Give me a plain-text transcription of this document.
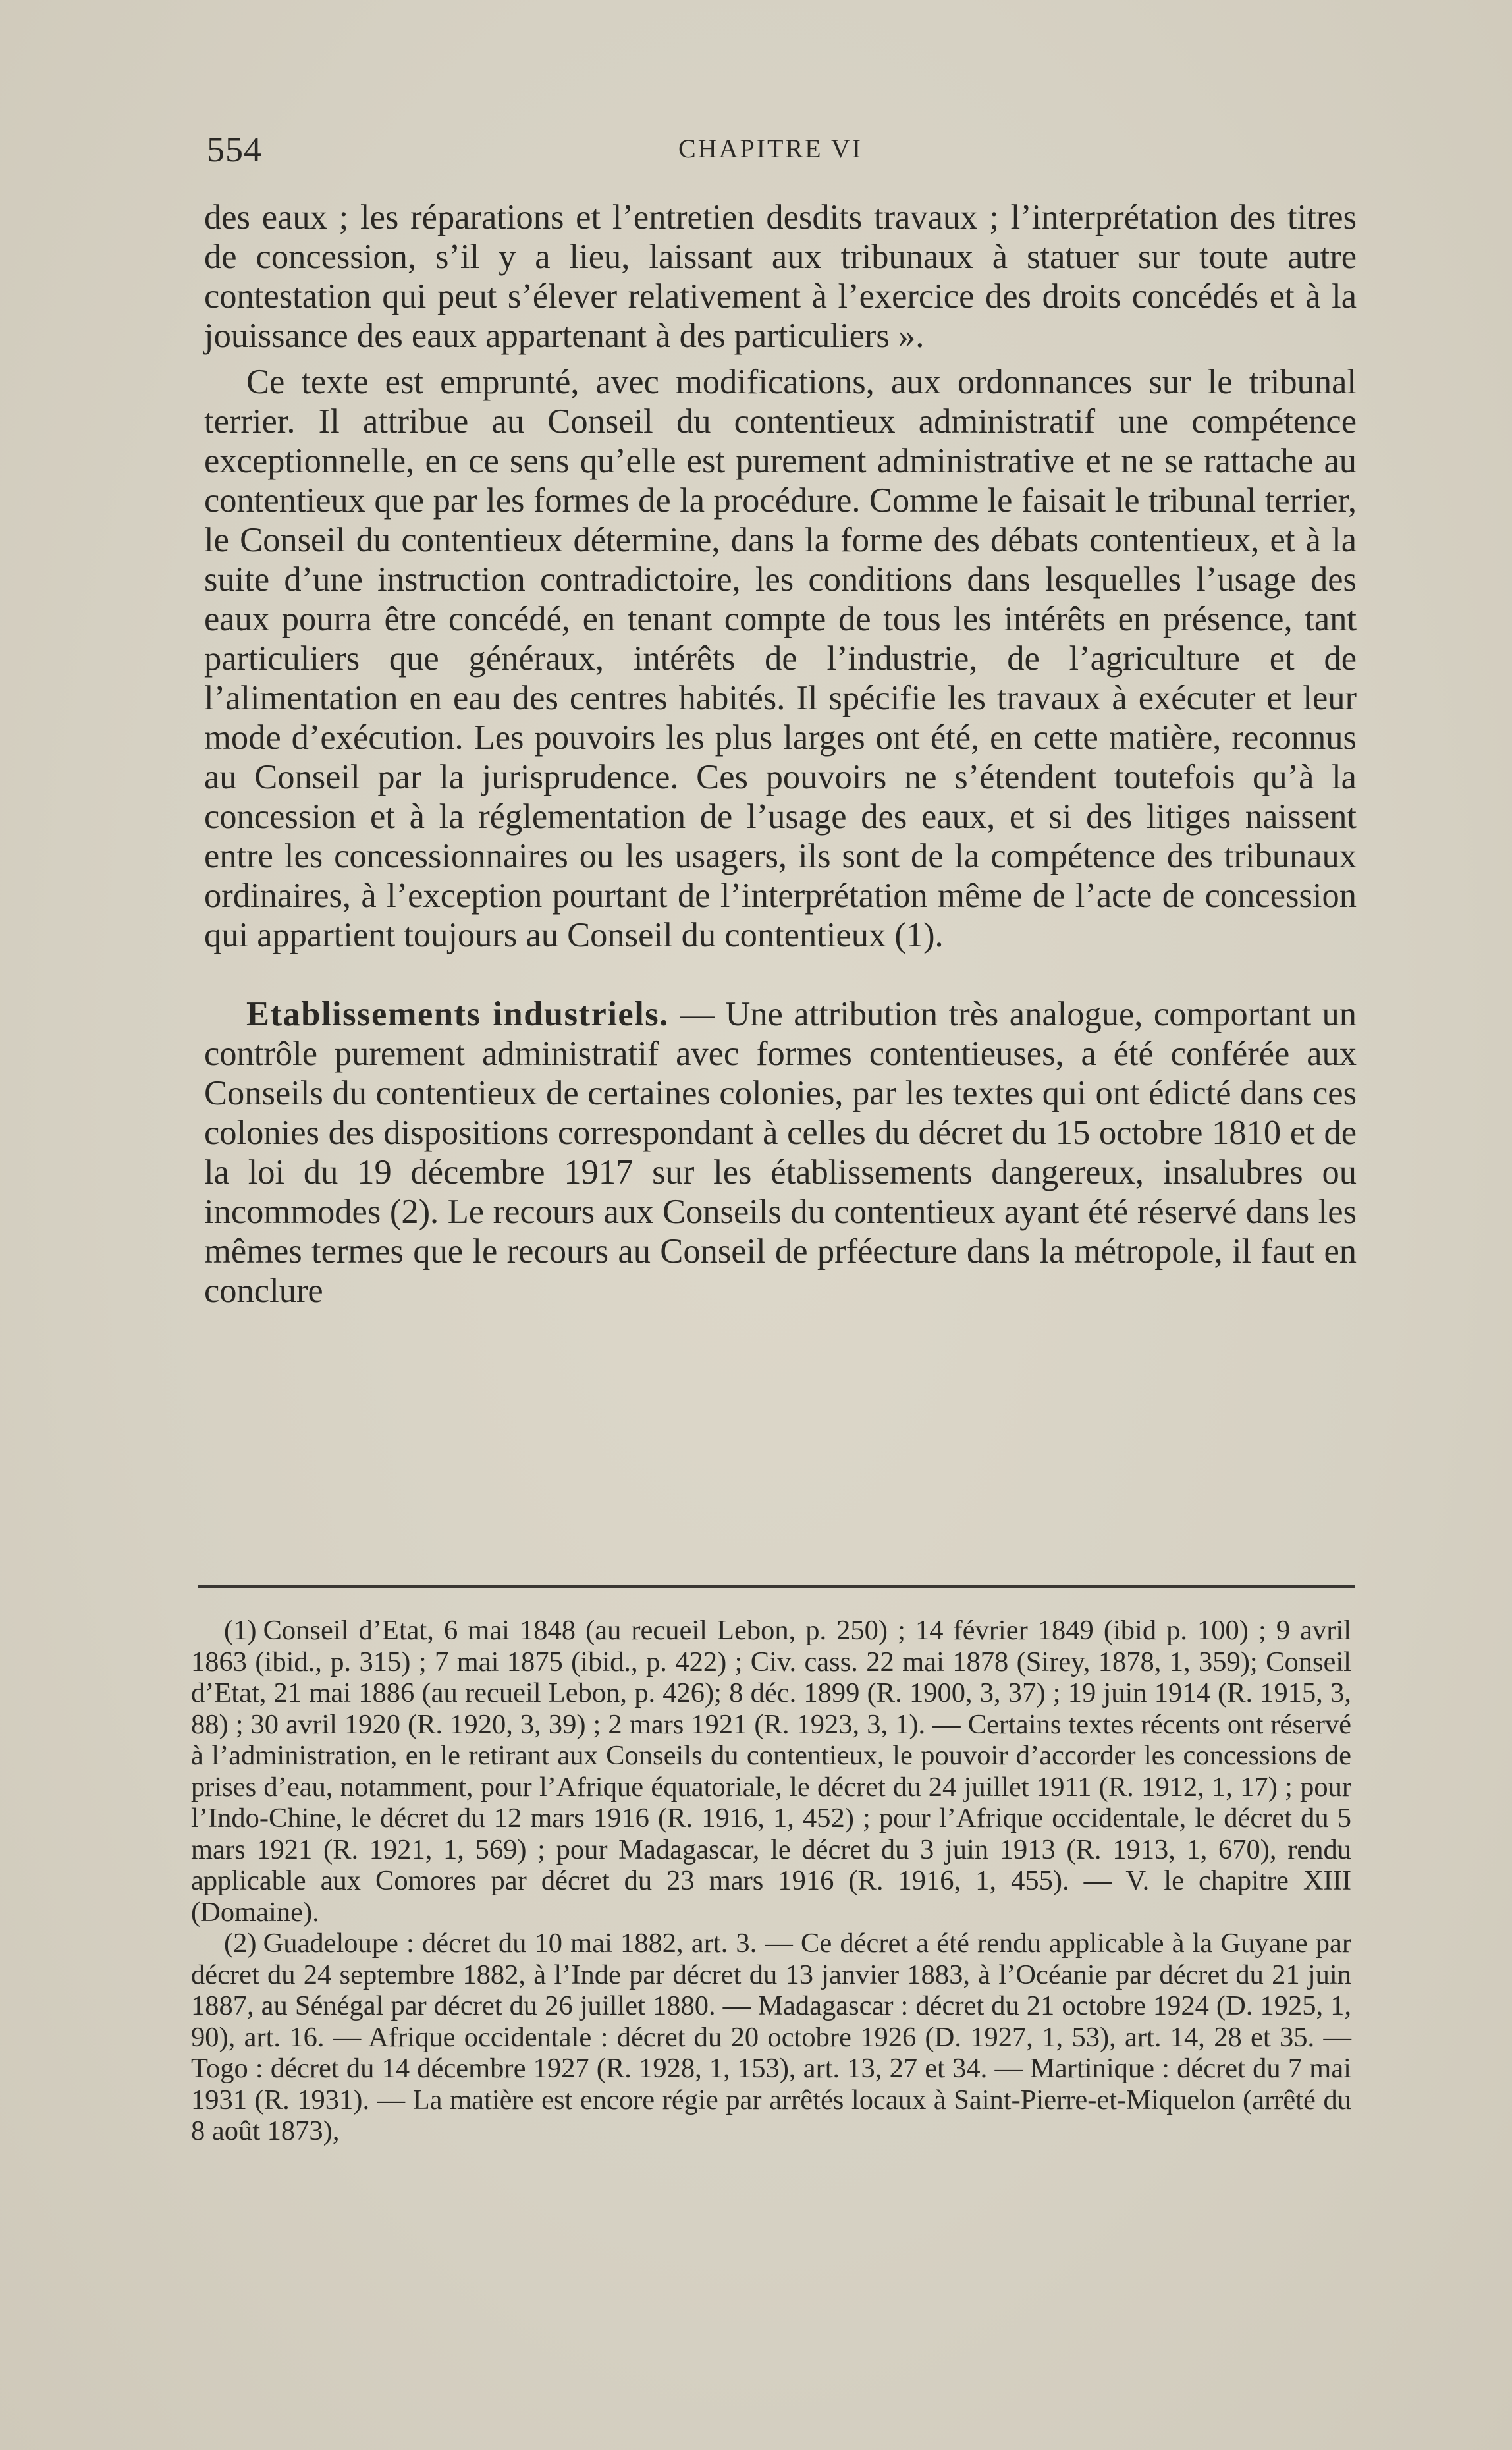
554	CHAPITRE VI

des eaux ; les réparations et l’entretien desdits travaux ; l’interprétation des titres de concession, s’il y a lieu, laissant aux tribunaux à statuer sur toute autre contestation qui peut s’élever relativement à l’exercice des droits concédés et à la jouissance des eaux appartenant à des particuliers ».

Ce texte est emprunté, avec modifications, aux ordonnances sur le tribunal terrier. Il attribue au Conseil du contentieux administratif une compétence exceptionnelle, en ce sens qu’elle est purement administrative et ne se rattache au contentieux que par les formes de la procédure. Comme le faisait le tribunal terrier, le Conseil du contentieux détermine, dans la forme des débats contentieux, et à la suite d’une instruction contradictoire, les conditions dans lesquelles l’usage des eaux pourra être concédé, en tenant compte de tous les intérêts en présence, tant particuliers que généraux, intérêts de l’industrie, de l’agriculture et de l’alimentation en eau des centres habités. Il spécifie les travaux à exécuter et leur mode d’exécution. Les pouvoirs les plus larges ont été, en cette matière, reconnus au Conseil par la jurisprudence. Ces pouvoirs ne s’étendent toutefois qu’à la concession et à la réglementation de l’usage des eaux, et si des litiges naissent entre les concessionnaires ou les usagers, ils sont de la compétence des tribunaux ordinaires, à l’exception pourtant de l’interprétation même de l’acte de concession qui appartient toujours au Conseil du contentieux (1).

Etablissements industriels. — Une attribution très analogue, comportant un contrôle purement administratif avec formes contentieuses, a été conférée aux Conseils du contentieux de certaines colonies, par les textes qui ont édicté dans ces colonies des dispositions correspondant à celles du décret du 15 octobre 1810 et de la loi du 19 décembre 1917 sur les établissements dangereux, insalubres ou incommodes (2). Le recours aux Conseils du contentieux ayant été réservé dans les mêmes termes que le recours au Conseil de prféecture dans la métropole, il faut en conclure

(1) Conseil d’Etat, 6 mai 1848 (au recueil Lebon, p. 250) ; 14 février 1849 (ibid p. 100) ; 9 avril 1863 (ibid., p. 315) ; 7 mai 1875 (ibid., p. 422) ; Civ. cass. 22 mai 1878 (Sirey, 1878, 1, 359); Conseil d’Etat, 21 mai 1886 (au recueil Lebon, p. 426); 8 déc. 1899 (R. 1900, 3, 37) ; 19 juin 1914 (R. 1915, 3, 88) ; 30 avril 1920 (R. 1920, 3, 39) ; 2 mars 1921 (R. 1923, 3, 1). — Certains textes récents ont réservé à l’administration, en le retirant aux Conseils du contentieux, le pouvoir d’accorder les concessions de prises d’eau, notamment, pour l’Afrique équatoriale, le décret du 24 juillet 1911 (R. 1912, 1, 17) ; pour l’Indo-Chine, le décret du 12 mars 1916 (R. 1916, 1, 452) ; pour l’Afrique occidentale, le décret du 5 mars 1921 (R. 1921, 1, 569) ; pour Madagascar, le décret du 3 juin 1913 (R. 1913, 1, 670), rendu applicable aux Comores par décret du 23 mars 1916 (R. 1916, 1, 455). — V. le chapitre XIII (Domaine).

(2) Guadeloupe : décret du 10 mai 1882, art. 3. — Ce décret a été rendu applicable à la Guyane par décret du 24 septembre 1882, à l’Inde par décret du 13 janvier 1883, à l’Océanie par décret du 21 juin 1887, au Sénégal par décret du 26 juillet 1880. — Madagascar : décret du 21 octobre 1924 (D. 1925, 1, 90), art. 16. — Afrique occidentale : décret du 20 octobre 1926 (D. 1927, 1, 53), art. 14, 28 et 35. — Togo : décret du 14 décembre 1927 (R. 1928, 1, 153), art. 13, 27 et 34. — Martinique : décret du 7 mai 1931 (R. 1931). — La matière est encore régie par arrêtés locaux à Saint-Pierre-et-Miquelon (arrêté du 8 août 1873),
